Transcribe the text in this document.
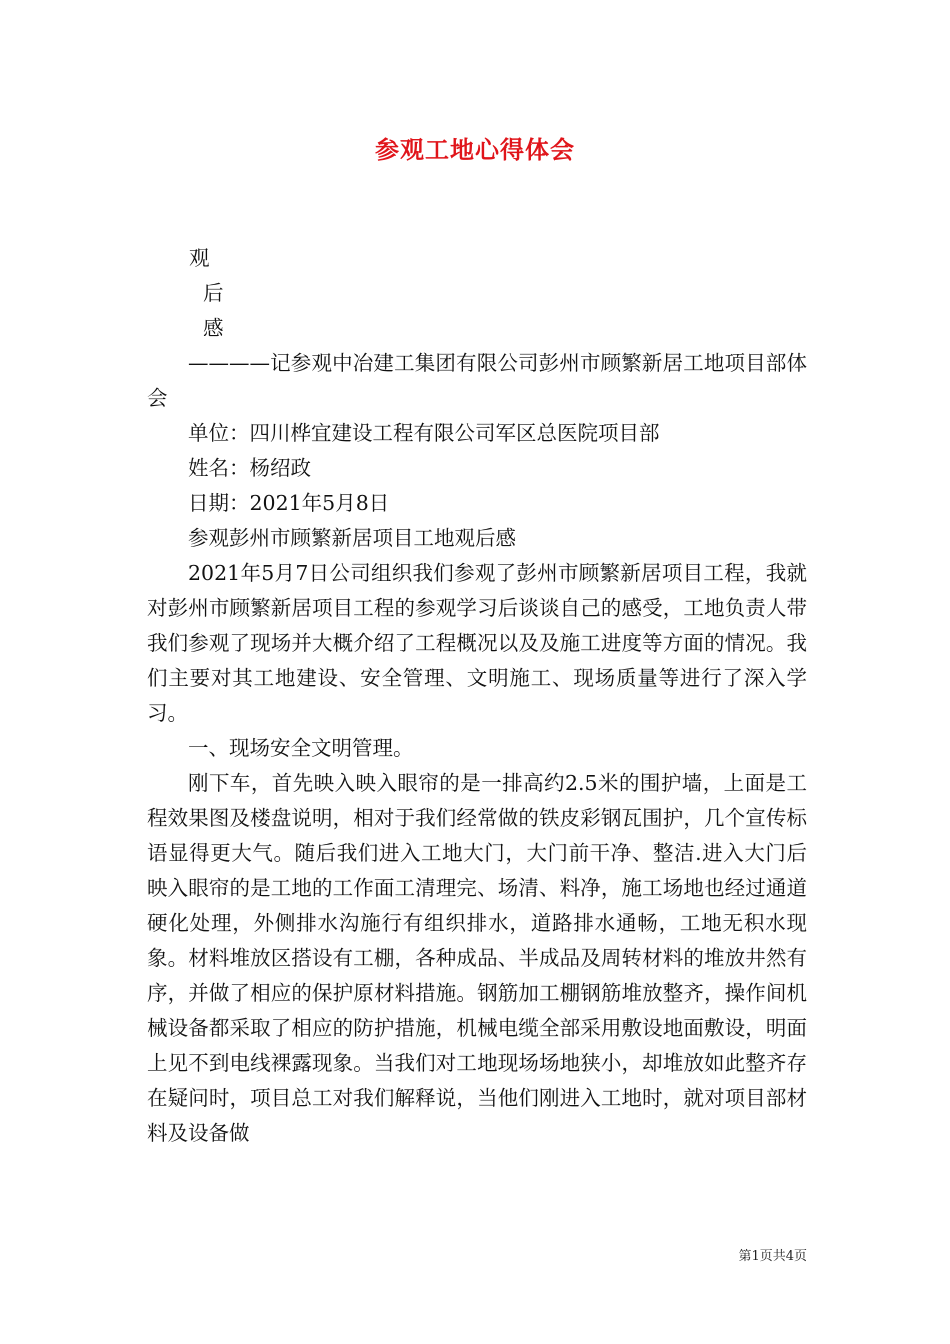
参观工地心得体会
观
后
感

————记参观中冶建工集团有限公司彭州市顾繁新居工地项目部体会

单位：四川桦宜建设工程有限公司军区总医院项目部

姓名：杨绍政

日期：2021年5月8日

参观彭州市顾繁新居项目工地观后感

2021年5月7日公司组织我们参观了彭州市顾繁新居项目工程，我就对彭州市顾繁新居项目工程的参观学习后谈谈自己的感受，工地负责人带我们参观了现场并大概介绍了工程概况以及及施工进度等方面的情况。我们主要对其工地建设、安全管理、文明施工、现场质量等进行了深入学习。

一、现场安全文明管理。

刚下车，首先映入映入眼帘的是一排高约2.5米的围护墙，上面是工程效果图及楼盘说明，相对于我们经常做的铁皮彩钢瓦围护，几个宣传标语显得更大气。随后我们进入工地大门，大门前干净、整洁.进入大门后映入眼帘的是工地的工作面工清理完、场清、料净，施工场地也经过通道硬化处理，外侧排水沟施行有组织排水，道路排水通畅，工地无积水现象。材料堆放区搭设有工棚，各种成品、半成品及周转材料的堆放井然有序，并做了相应的保护原材料措施。钢筋加工棚钢筋堆放整齐，操作间机械设备都采取了相应的防护措施，机械电缆全部采用敷设地面敷设，明面上见不到电线裸露现象。当我们对工地现场场地狭小，却堆放如此整齐存在疑问时，项目总工对我们解释说，当他们刚进入工地时，就对项目部材料及设备做

第1页共4页
